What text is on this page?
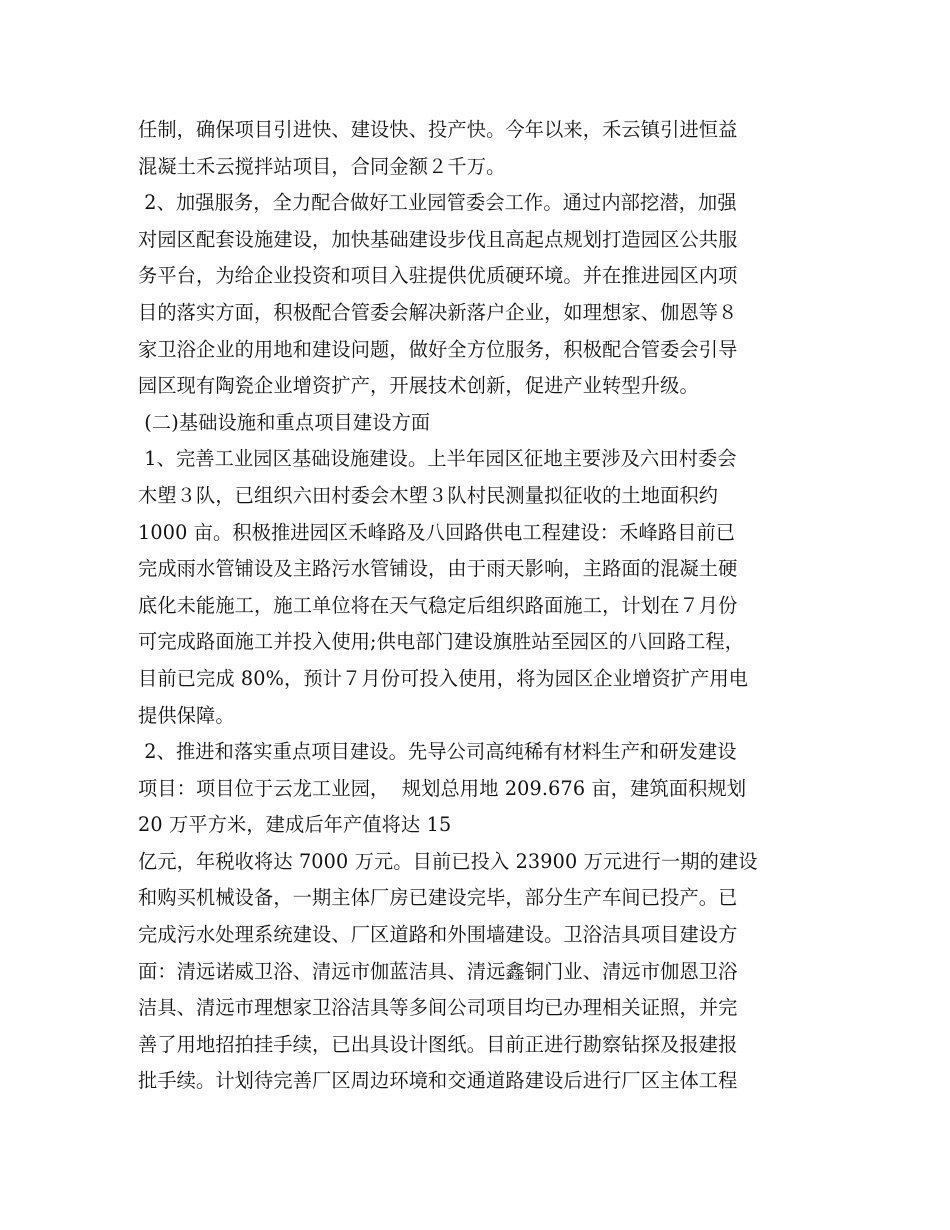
任制，确保项目引进快、建设快、投产快。今年以来，禾云镇引进恒益
混凝土禾云搅拌站项目，合同金额２千万。
2、加强服务，全力配合做好工业园管委会工作。通过内部挖潜，加强
对园区配套设施建设，加快基础建设步伐且高起点规划打造园区公共服
务平台，为给企业投资和项目入驻提供优质硬环境。并在推进园区内项
目的落实方面，积极配合管委会解决新落户企业，如理想家、伽恩等８
家卫浴企业的用地和建设问题，做好全方位服务，积极配合管委会引导
园区现有陶瓷企业增资扩产，开展技术创新，促进产业转型升级。
(二)基础设施和重点项目建设方面
1、完善工业园区基础设施建设。上半年园区征地主要涉及六田村委会
木塱３队，已组织六田村委会木塱３队村民测量拟征收的土地面积约
1000 亩。积极推进园区禾峰路及八回路供电工程建设：禾峰路目前已
完成雨水管铺设及主路污水管铺设，由于雨天影响，主路面的混凝土硬
底化未能施工，施工单位将在天气稳定后组织路面施工，计划在７月份
可完成路面施工并投入使用;供电部门建设旗胜站至园区的八回路工程，
目前已完成 80%，预计７月份可投入使用，将为园区企业增资扩产用电
提供保障。
2、推进和落实重点项目建设。先导公司高纯稀有材料生产和研发建设
项目：项目位于云龙工业园，  规划总用地 209.676 亩，建筑面积规划
20 万平方米，建成后年产值将达 15
亿元，年税收将达 7000 万元。目前已投入 23900 万元进行一期的建设
和购买机械设备，一期主体厂房已建设完毕，部分生产车间已投产。已
完成污水处理系统建设、厂区道路和外围墙建设。卫浴洁具项目建设方
面：清远诺威卫浴、清远市伽蓝洁具、清远鑫铜门业、清远市伽恩卫浴
洁具、清远市理想家卫浴洁具等多间公司项目均已办理相关证照，并完
善了用地招拍挂手续，已出具设计图纸。目前正进行勘察钻探及报建报
批手续。计划待完善厂区周边环境和交通道路建设后进行厂区主体工程
